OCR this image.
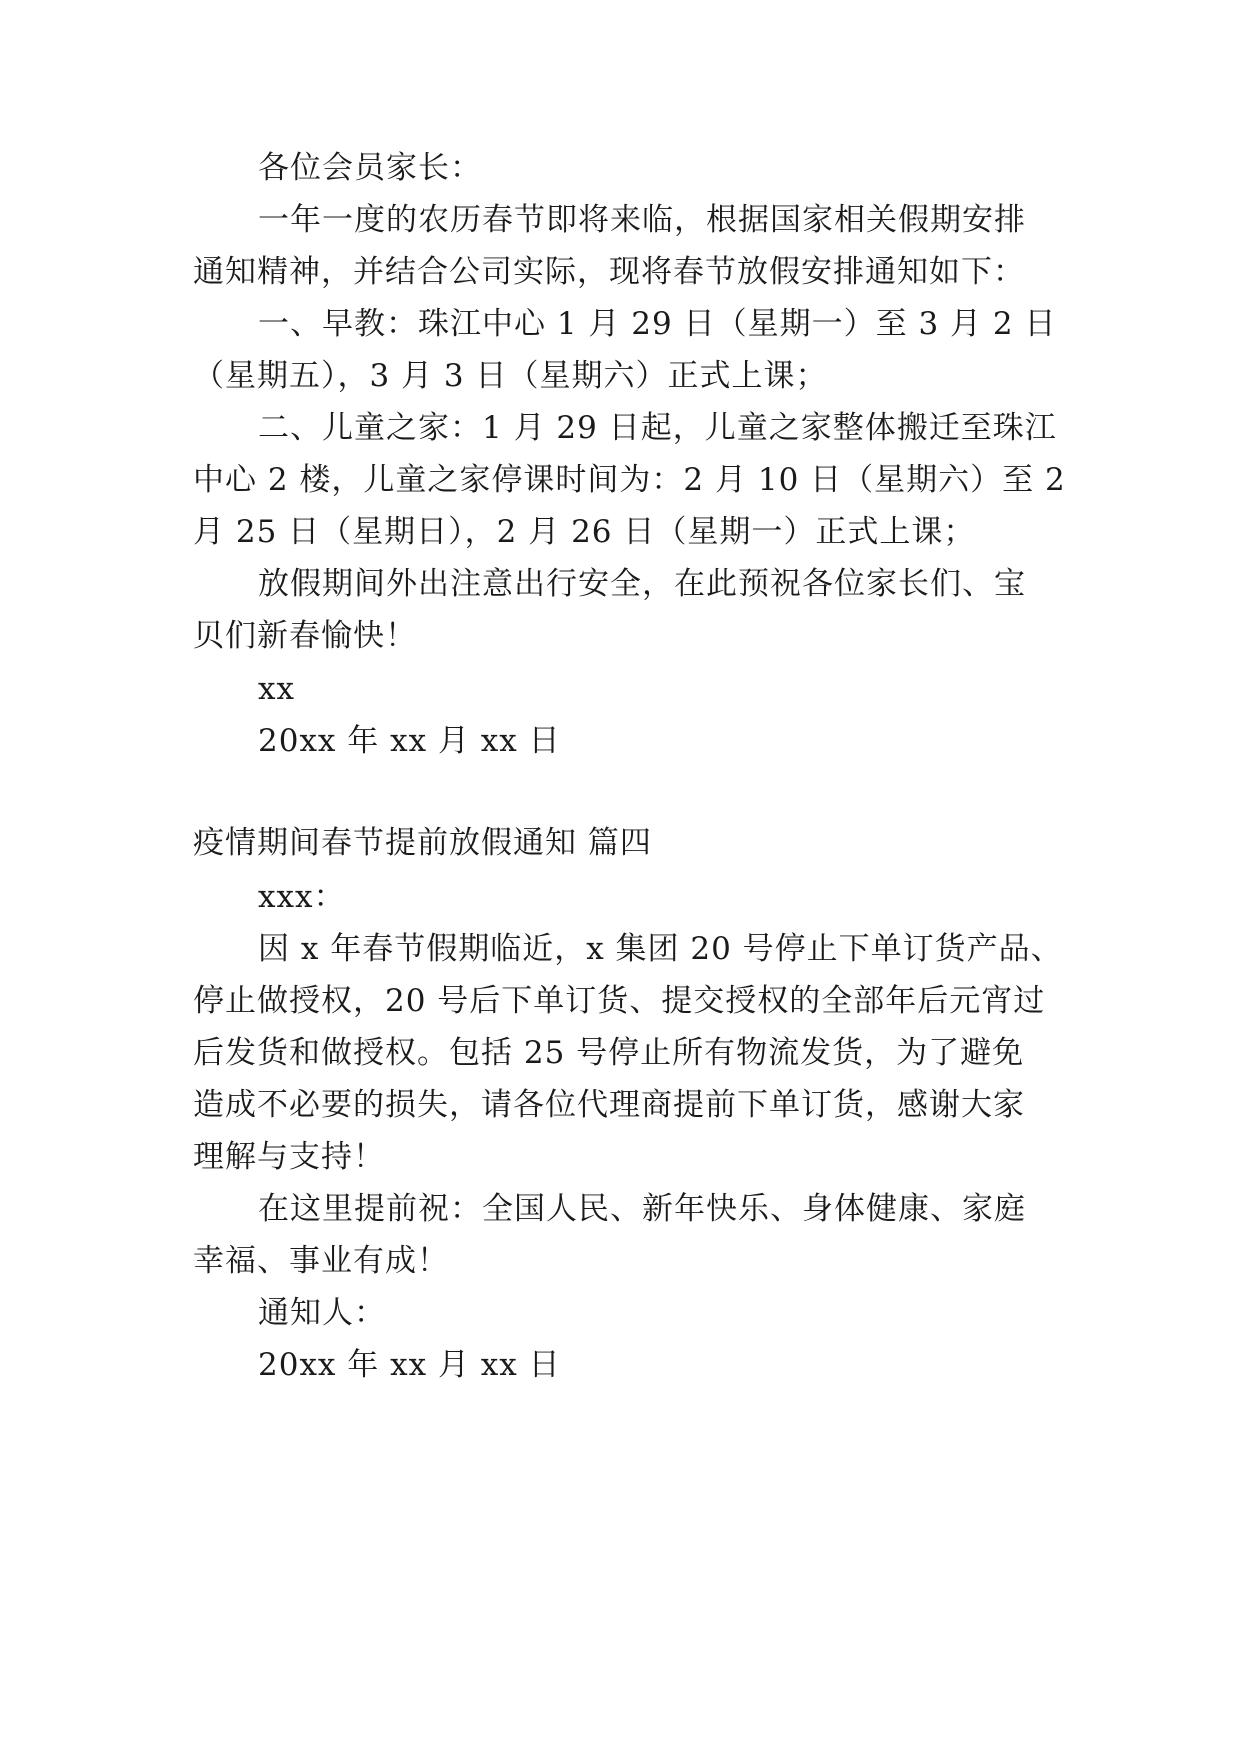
各位会员家长：
一年一度的农历春节即将来临，根据国家相关假期安排
通知精神，并结合公司实际，现将春节放假安排通知如下：
一、早教：珠江中心 1 月 29 日（星期一）至 3 月 2 日
（星期五），3 月 3 日（星期六）正式上课；
二、儿童之家：1 月 29 日起，儿童之家整体搬迁至珠江
中心 2 楼，儿童之家停课时间为：2 月 10 日（星期六）至 2
月 25 日（星期日），2 月 26 日（星期一）正式上课；
放假期间外出注意出行安全，在此预祝各位家长们、宝
贝们新春愉快！
xx
20xx 年 xx 月 xx 日
疫情期间春节提前放假通知 篇四
xxx：
因 x 年春节假期临近，x 集团 20 号停止下单订货产品、
停止做授权，20 号后下单订货、提交授权的全部年后元宵过
后发货和做授权。包括 25 号停止所有物流发货，为了避免
造成不必要的损失，请各位代理商提前下单订货，感谢大家
理解与支持！
在这里提前祝：全国人民、新年快乐、身体健康、家庭
幸福、事业有成！
通知人：
20xx 年 xx 月 xx 日
